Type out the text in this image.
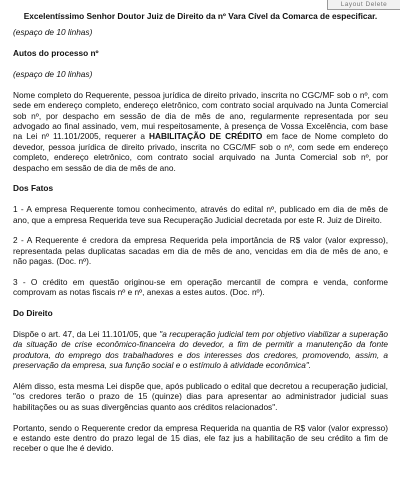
Layout Delete
Excelentíssimo Senhor Doutor Juiz de Direito da nº Vara Cível da Comarca de especificar.

(espaço de 10 linhas)

Autos do processo nº

(espaço de 10 linhas)

Nome completo do Requerente, pessoa jurídica de direito privado, inscrita no CGC/MF sob o nº, com sede em endereço completo, endereço eletrônico, com contrato social arquivado na Junta Comercial sob nº, por despacho em sessão de dia de mês de ano, regularmente representada por seu advogado ao final assinado, vem, mui respeitosamente, à presença de Vossa Excelência, com base na Lei nº 11.101/2005, requerer a HABILITAÇÃO DE CRÉDITO em face de Nome completo do devedor, pessoa jurídica de direito privado, inscrita no CGC/MF sob o nº, com sede em endereço completo, endereço eletrônico, com contrato social arquivado na Junta Comercial sob nº, por despacho em sessão de dia de mês de ano.

Dos Fatos

1 - A empresa Requerente tomou conhecimento, através do edital nº, publicado em dia de mês de ano, que a empresa Requerida teve sua Recuperação Judicial decretada por este R. Juiz de Direito.

2 - A Requerente é credora da empresa Requerida pela importância de R$ valor (valor expresso), representada pelas duplicatas sacadas em dia de mês de ano, vencidas em dia de mês de ano, e não pagas. (Doc. nº).

3 - O crédito em questão originou-se em operação mercantil de compra e venda, conforme comprovam as notas fiscais nº e nº, anexas a estes autos. (Doc. nº).

Do Direito

Dispõe o art. 47, da Lei 11.101/05, que "a recuperação judicial tem por objetivo viabilizar a superação da situação de crise econômico-financeira do devedor, a fim de permitir a manutenção da fonte produtora, do emprego dos trabalhadores e dos interesses dos credores, promovendo, assim, a preservação da empresa, sua função social e o estímulo à atividade econômica".

Além disso, esta mesma Lei dispõe que, após publicado o edital que decretou a recuperação judicial, "os credores terão o prazo de 15 (quinze) dias para apresentar ao administrador judicial suas habilitações ou as suas divergências quanto aos créditos relacionados".

Portanto, sendo o Requerente credor da empresa Requerida na quantia de R$ valor (valor expresso) e estando este dentro do prazo legal de 15 dias, ele faz jus a habilitação de seu crédito a fim de receber o que lhe é devido.
